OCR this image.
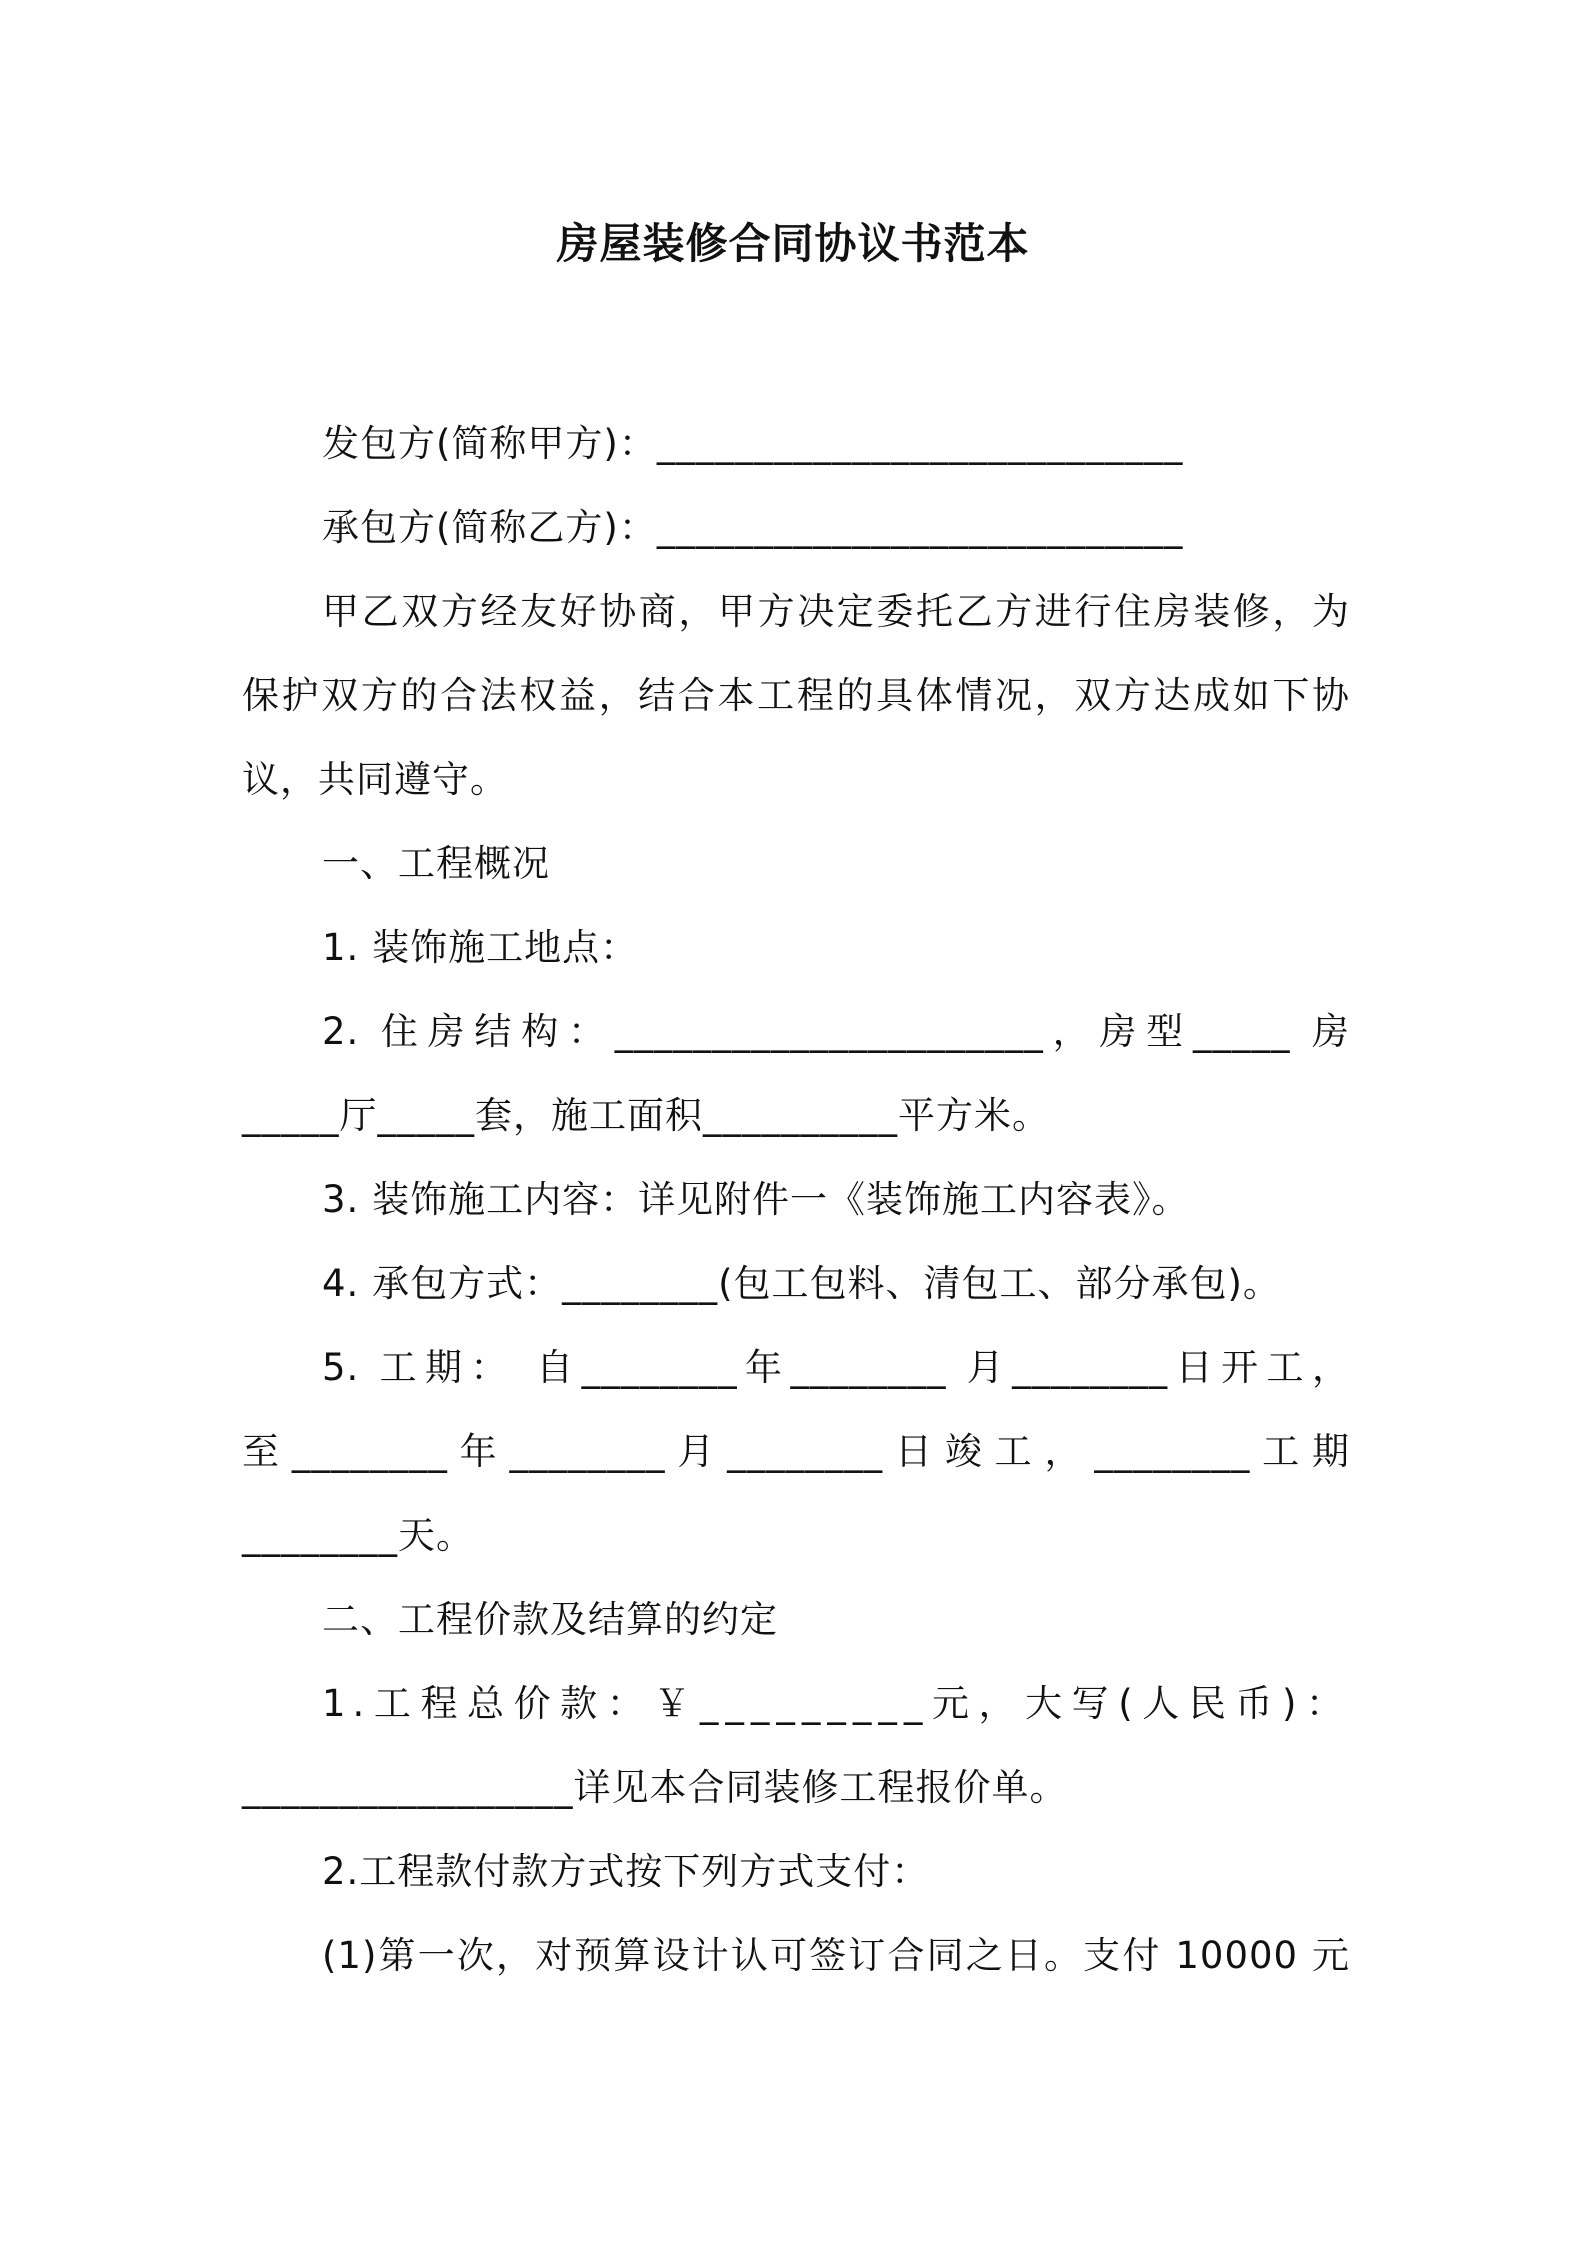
房屋装修合同协议书范本
发包方(简称甲方)：___________________________
承包方(简称乙方)：___________________________
甲乙双方经友好协商，甲方决定委托乙方进行住房装修，为
保护双方的合法权益，结合本工程的具体情况，双方达成如下协
议，共同遵守。
一、工程概况
1. 装饰施工地点：
2. 住房结构：______________________，房型_____ 房
_____厅_____套，施工面积__________平方米。
3. 装饰施工内容：详见附件一《装饰施工内容表》。
4. 承包方式：________(包工包料、清包工、部分承包)。
5. 工期： 自________年________ 月________日开工，
至________年________月________日竣工，________工期
________天。
二、工程价款及结算的约定
1.工程总价款：￥_________元，大写(人民币)：
_________________详见本合同装修工程报价单。
2.工程款付款方式按下列方式支付：
(1)第一次，对预算设计认可签订合同之日。支付 10000 元
